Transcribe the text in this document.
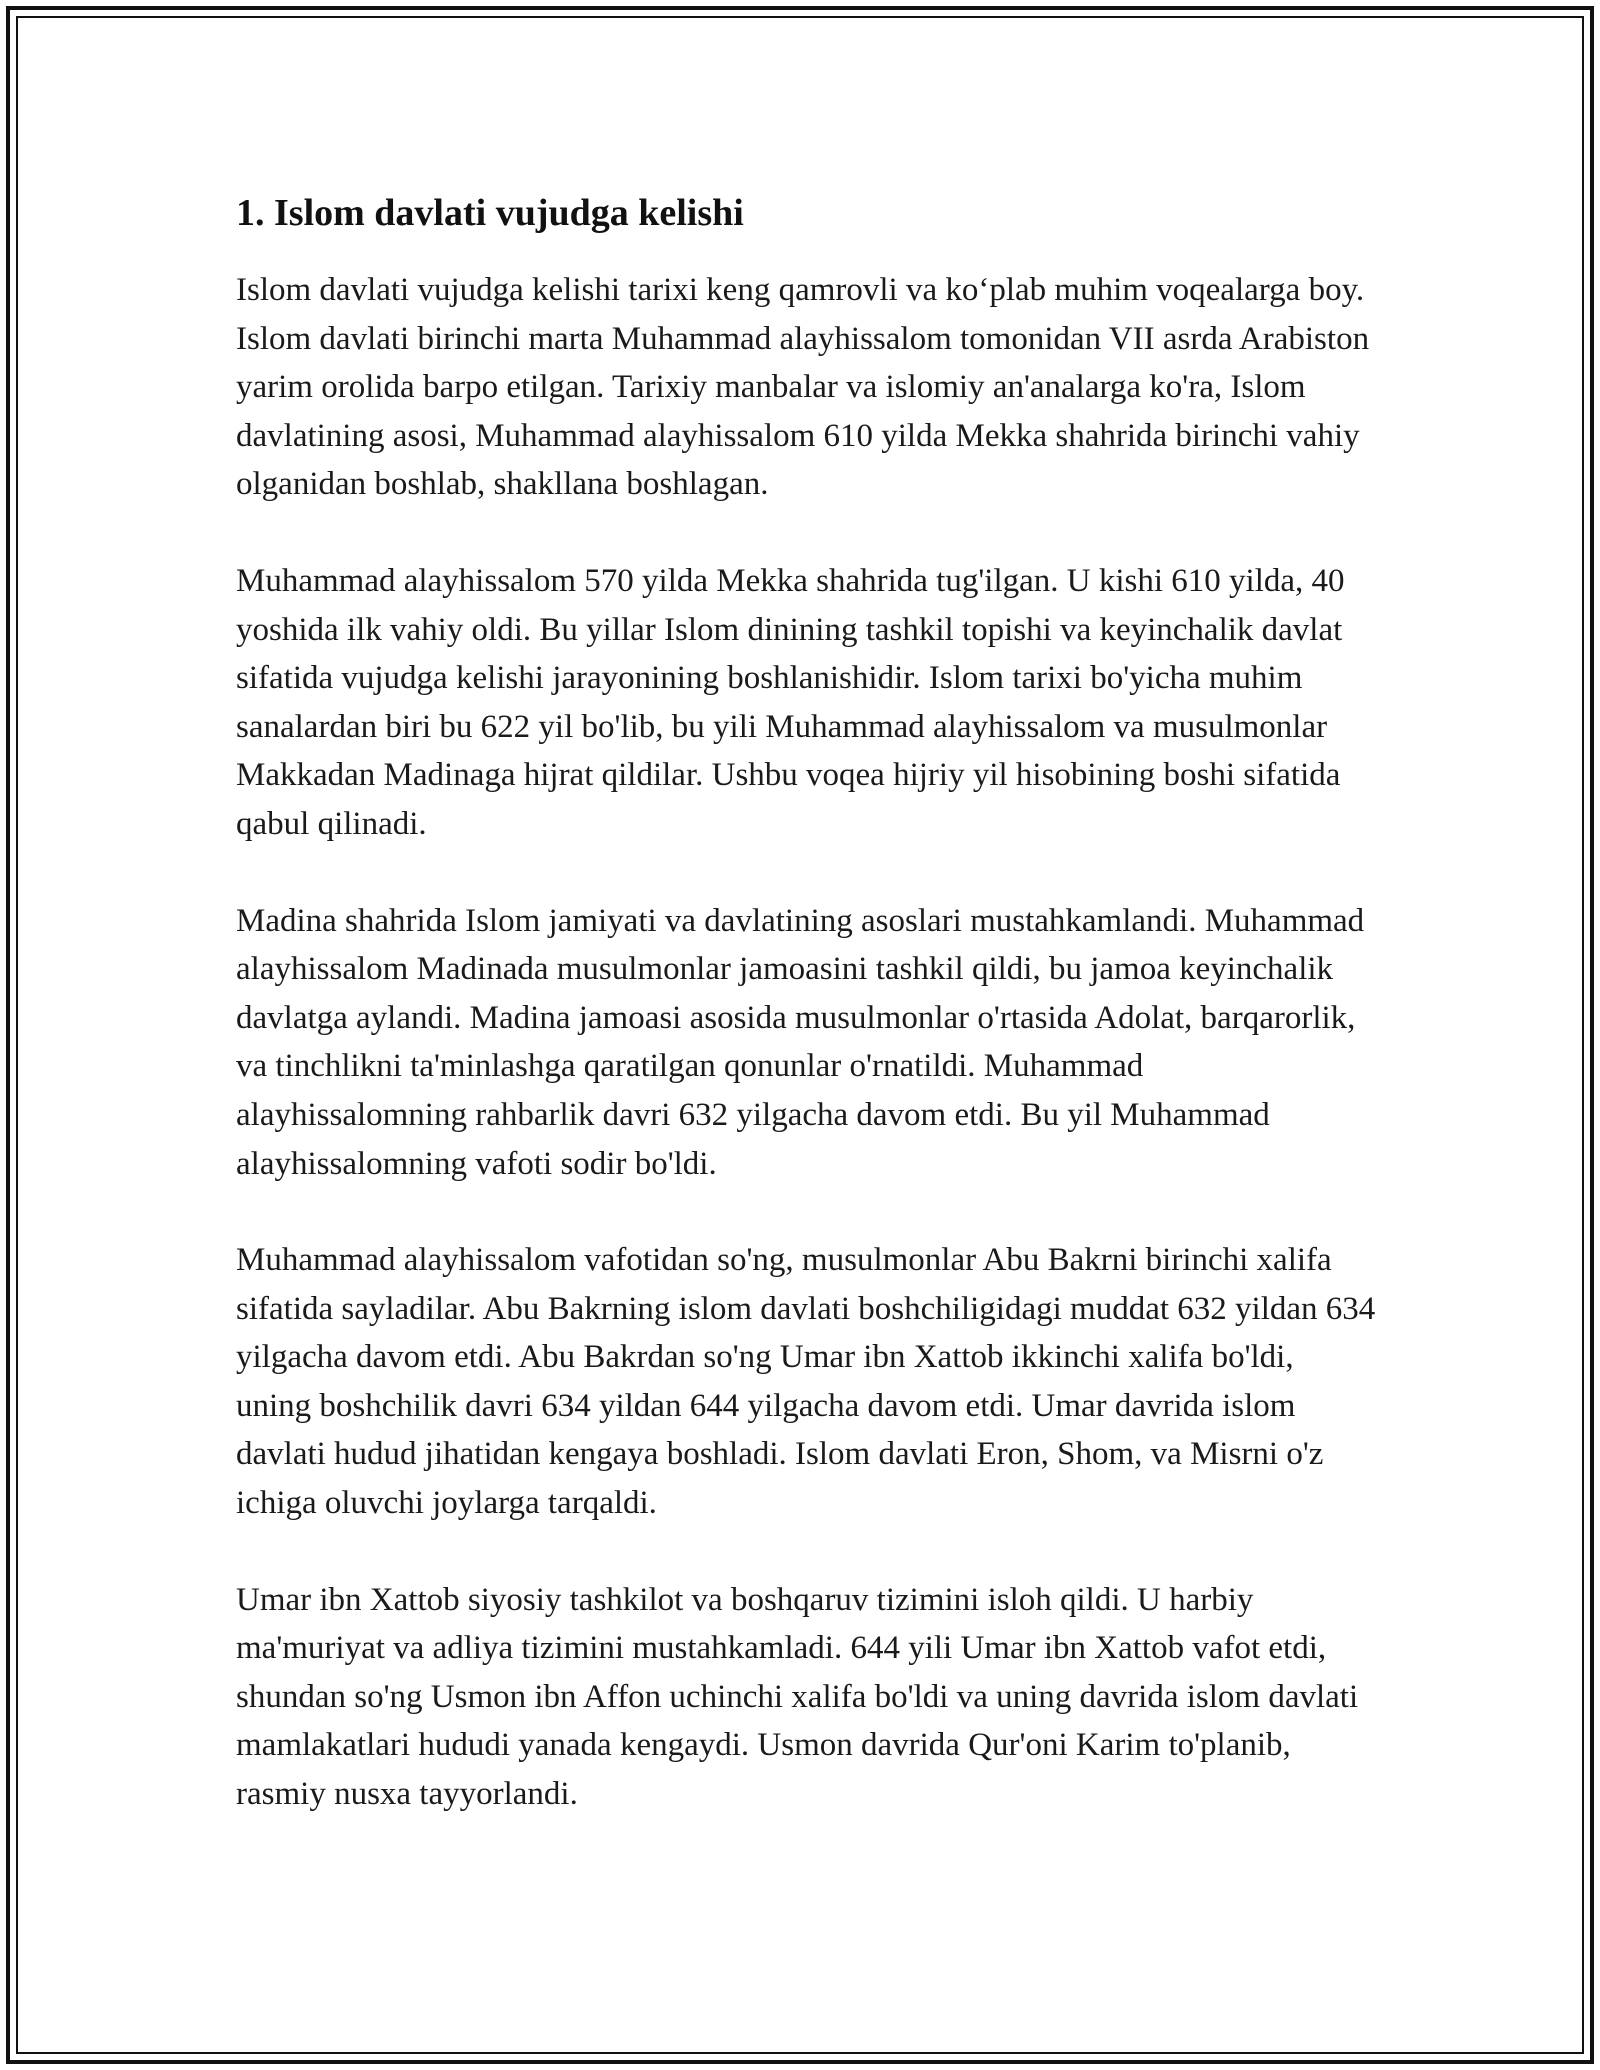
1. Islom davlati vujudga kelishi

Islom davlati vujudga kelishi tarixi keng qamrovli va ko‘plab muhim voqealarga boy. Islom davlati birinchi marta Muhammad alayhissalom tomonidan VII asrda Arabiston yarim orolida barpo etilgan. Tarixiy manbalar va islomiy an'analarga ko'ra, Islom davlatining asosi, Muhammad alayhissalom 610 yilda Mekka shahrida birinchi vahiy olganidan boshlab, shakllana boshlagan.

Muhammad alayhissalom 570 yilda Mekka shahrida tug'ilgan. U kishi 610 yilda, 40 yoshida ilk vahiy oldi. Bu yillar Islom dinining tashkil topishi va keyinchalik davlat sifatida vujudga kelishi jarayonining boshlanishidir. Islom tarixi bo'yicha muhim sanalardan biri bu 622 yil bo'lib, bu yili Muhammad alayhissalom va musulmonlar Makkadan Madinaga hijrat qildilar. Ushbu voqea hijriy yil hisobining boshi sifatida qabul qilinadi.

Madina shahrida Islom jamiyati va davlatining asoslari mustahkamlandi. Muhammad alayhissalom Madinada musulmonlar jamoasini tashkil qildi, bu jamoa keyinchalik davlatga aylandi. Madina jamoasi asosida musulmonlar o'rtasida Adolat, barqarorlik, va tinchlikni ta'minlashga qaratilgan qonunlar o'rnatildi. Muhammad alayhissalomning rahbarlik davri 632 yilgacha davom etdi. Bu yil Muhammad alayhissalomning vafoti sodir bo'ldi.

Muhammad alayhissalom vafotidan so'ng, musulmonlar Abu Bakrni birinchi xalifa sifatida sayladilar. Abu Bakrning islom davlati boshchiligidagi muddat 632 yildan 634 yilgacha davom etdi. Abu Bakrdan so'ng Umar ibn Xattob ikkinchi xalifa bo'ldi, uning boshchilik davri 634 yildan 644 yilgacha davom etdi. Umar davrida islom davlati hudud jihatidan kengaya boshladi. Islom davlati Eron, Shom, va Misrni o'z ichiga oluvchi joylarga tarqaldi.

Umar ibn Xattob siyosiy tashkilot va boshqaruv tizimini isloh qildi. U harbiy ma'muriyat va adliya tizimini mustahkamladi. 644 yili Umar ibn Xattob vafot etdi, shundan so'ng Usmon ibn Affon uchinchi xalifa bo'ldi va uning davrida islom davlati mamlakatlari hududi yanada kengaydi. Usmon davrida Qur'oni Karim to'planib, rasmiy nusxa tayyorlandi.
